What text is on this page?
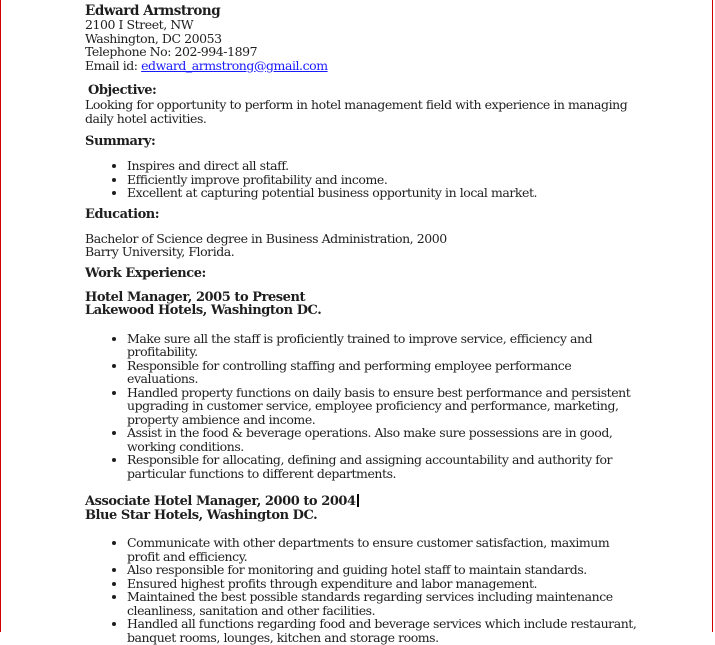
Edward Armstrong
2100 I Street, NW
Washington, DC 20053
Telephone No: 202-994-1897
Email id: edward_armstrong@gmail.com
Objective:
Looking for opportunity to perform in hotel management field with experience in managing daily hotel activities.
Summary:
• Inspires and direct all staff.
• Efficiently improve profitability and income.
• Excellent at capturing potential business opportunity in local market.
Education:
Bachelor of Science degree in Business Administration, 2000
Barry University, Florida.
Work Experience:
Hotel Manager, 2005 to Present
Lakewood Hotels, Washington DC.
• Make sure all the staff is proficiently trained to improve service, efficiency and profitability.
• Responsible for controlling staffing and performing employee performance evaluations.
• Handled property functions on daily basis to ensure best performance and persistent upgrading in customer service, employee proficiency and performance, marketing, property ambience and income.
• Assist in the food & beverage operations. Also make sure possessions are in good, working conditions.
• Responsible for allocating, defining and assigning accountability and authority for particular functions to different departments.
Associate Hotel Manager, 2000 to 2004
Blue Star Hotels, Washington DC.
• Communicate with other departments to ensure customer satisfaction, maximum profit and efficiency.
• Also responsible for monitoring and guiding hotel staff to maintain standards.
• Ensured highest profits through expenditure and labor management.
• Maintained the best possible standards regarding services including maintenance cleanliness, sanitation and other facilities.
• Handled all functions regarding food and beverage services which include restaurant, banquet rooms, lounges, kitchen and storage rooms.
